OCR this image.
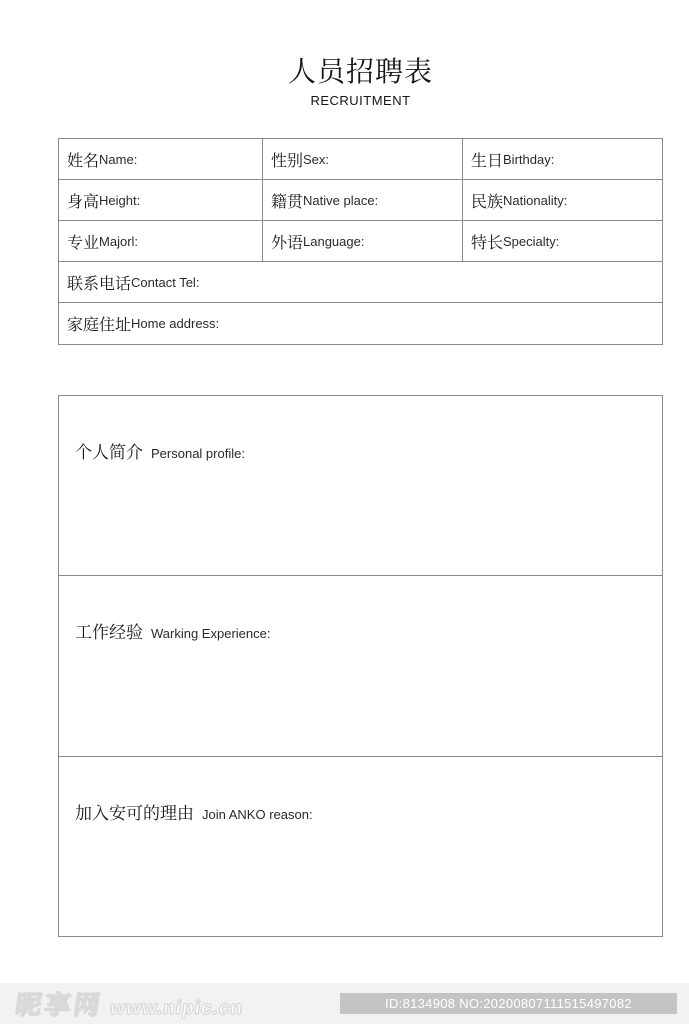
人员招聘表
RECRUITMENT
姓名 Name:	性别 Sex:	生日 Birthday:
身高 Height:	籍贯 Native place:	民族 Nationality:
专业 Majorl:	外语 Language:	特长 Specialty:
联系电话 Contact Tel:
家庭住址 Home address:
个人简介 Personal profile:
工作经验 Warking Experience:
加入安可的理由 Join ANKO reason:
昵享网 www.nipic.cn	ID:8134908 NO:20200807111515497082
